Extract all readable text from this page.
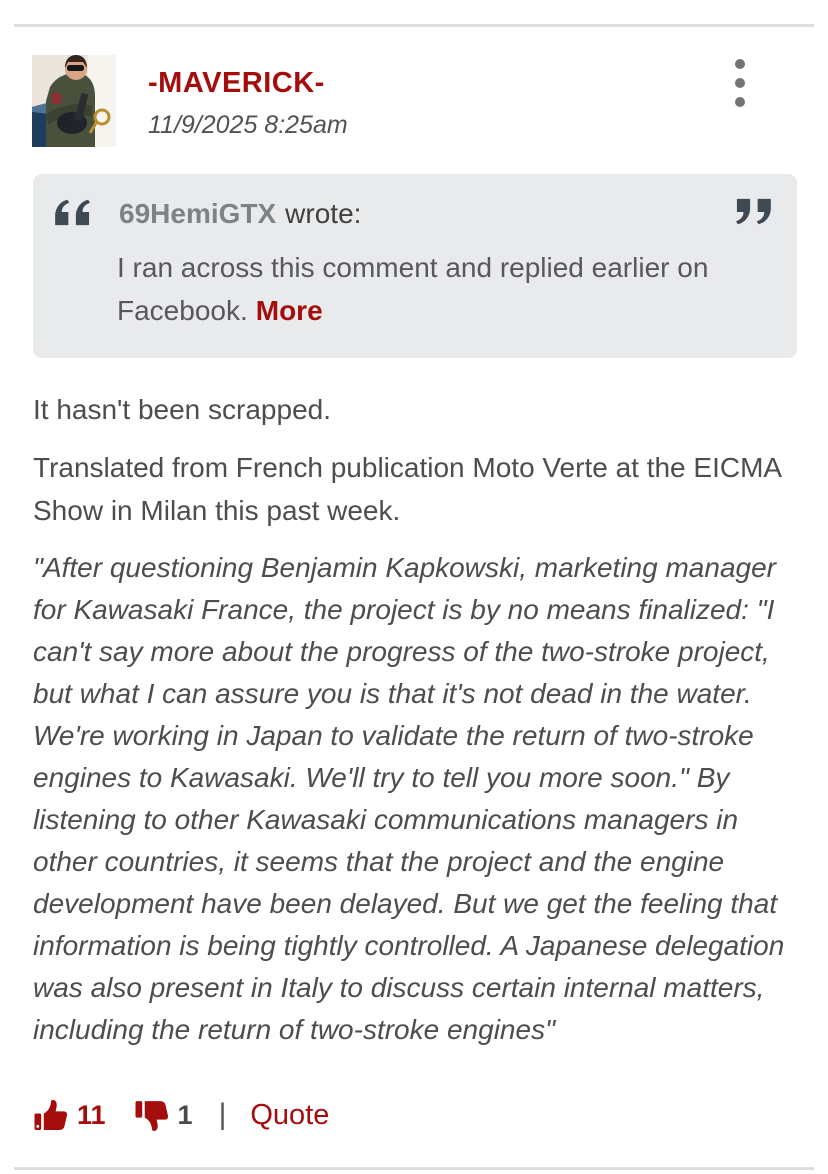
-MAVERICK-
11/9/2025 8:25am
69HemiGTX wrote:
I ran across this comment and replied earlier on Facebook. More

It hasn't been scrapped.

Translated from French publication Moto Verte at the EICMA Show in Milan this past week.

"After questioning Benjamin Kapkowski, marketing manager for Kawasaki France, the project is by no means finalized: "I can't say more about the progress of the two-stroke project, but what I can assure you is that it's not dead in the water. We're working in Japan to validate the return of two-stroke engines to Kawasaki. We'll try to tell you more soon." By listening to other Kawasaki communications managers in other countries, it seems that the project and the engine development have been delayed. But we get the feeling that information is being tightly controlled. A Japanese delegation was also present in Italy to discuss certain internal matters, including the return of two-stroke engines"

11	1 | Quote
